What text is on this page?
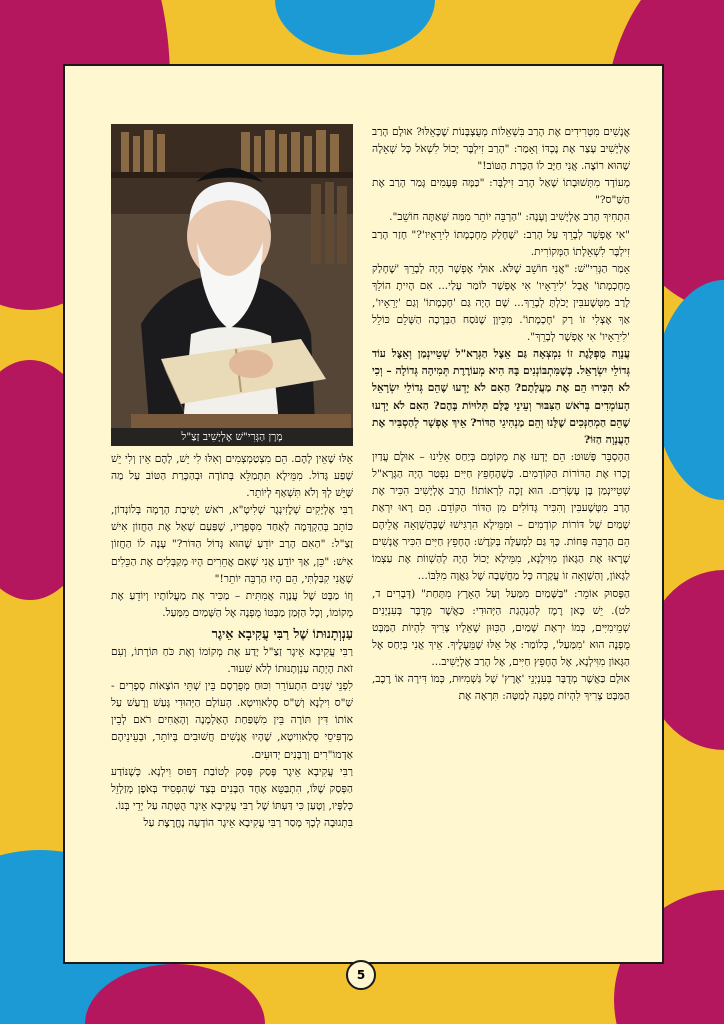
מָרָן הַגְּרִי"שׁ אֶלְיָשִׁיב זַצַ"ל

אֲנָשִׁים מִטְרִידִים אֶת הָרַב בִּשְׁאֵלוֹת מְעֻצְבָּנוֹת שֶׁכָּאֵלּוּ? אוּלָם הָרַב אֶלְיָשִׁיב עָצַר אֶת נֶכְדּוֹ וְאָמַר: "הָרַב זִילְבֶּר יָכוֹל לִשְׁאֹל כָּל שְׁאֵלָה שֶׁהוּא רוֹצֶה. אֲנִי חַיָּב לוֹ הַכָּרַת הַטּוֹב!"

מְעוֹדָד מִתְּשׁוּבָתוֹ שָׁאַל הָרַב זִילְבֶּר: "כַּמָּה פְּעָמִים גָּמַר הָרַב אֶת הַשַּׁ"ס?"

הִתְחִיךְ הָרַב אֶלְיָשִׁיב וְעָנָה: "הַרְבֵּה יוֹתֵר מִמַּה שֶּׁאַתָּה חוֹשֵׁב".

"אִי אֶפְשָׁר לְבָרֵךְ עַל הָרַב: 'שֶׁחָלַק מֵחָכְמָתוֹ לִירֵאָיו'?" חָזַר הָרַב זִילְבֶּר לִשְׁאֵלָתוֹ הַמְּקוֹרִית.

אָמַר הַגְּרִי"שׁ: "אֲנִי חוֹשֵׁב שֶׁלֹּא. אוּלַי אֶפְשָׁר הָיָה לְבָרֵךְ 'שֶׁחָלַק מֵחָכְמָתוֹ' אֲבָל 'לִירֵאָיו' אִי אֶפְשָׁר לוֹמַר עָלַי... אִם הָיִיתָ הוֹלֵךְ לָרַב מִטְּשֶׁעבִּין יָכֹלְתָּ לְבָרֵךְ... שָׁם הָיָה גַּם 'חָכְמָתוֹ' וְגַם 'יְרֵאָיו', אַךְ אֶצְלִי זוֹ רַק 'חָכְמָתוֹ'. מִכֵּיוָן שֶׁנֹּסַח הַבְּרָכָה הַשָּׁלֵם כּוֹלֵל 'לִירֵאָיו' אִי אֶפְשָׁר לְבָרֵךְ".

עֲנָוָה מֻפְלֶגֶת זוֹ נִמְצְאָה גַּם אֵצֶל הַגְּרָא"ל שְׁטֵיינְמַן וְאֵצֶל עוֹד גְּדוֹלֵי יִשְׂרָאֵל. כְּשֶׁמִּתְבּוֹנְנִים בָּהּ הִיא מְעוֹרֶרֶת תְּמִיהָה גְּדוֹלָה – וְכִי לֹא הִכִּירוּ הֵם אֶת מַעֲלָתָם? הַאִם לֹא יָדְעוּ שֶׁהֵם גְּדוֹלֵי יִשְׂרָאֵל הָעוֹמְדִים בְּרֹאשׁ הַצִּבּוּר וְעֵינֵי כֻּלָּם תְּלוּיוֹת בָּהֶם? הַאִם לֹא יָדְעוּ שֶׁהֵם הַמְחַנְּכִים שֶׁלָּנוּ וְהֵם מַנְהִיגֵי הַדּוֹר? אֵיךְ אֶפְשָׁר לְהַסְבִּיר אֶת הָעֲנָוָה הַזּוֹ?

הַהֶסְבֵּר פָּשׁוּט: הֵם יָדְעוּ אֶת מְקוֹמָם בְּיַחַס אֵלֵינוּ – אוּלָם עֲדַיִן זָכְרוּ אֶת הַדּוֹרוֹת הַקּוֹדְמִים. כְּשֶׁהֶחָפֵץ חַיִּים נִפְטַר הָיָה הַגְּרָא"ל שְׁטֵיינְמַן בֶּן עֶשְׂרִים. הוּא זָכָה לִרְאוֹתוֹ! הָרַב אֶלְיָשִׁיב הִכִּיר אֶת הָרַב מִטְּשֶׁעבִּין וְהִכִּיר גְּדוֹלִים מִן הַדּוֹר הַקּוֹדֵם. הֵם רָאוּ יִרְאַת שָׁמַיִם שֶׁל דּוֹרוֹת קוֹדְמִים – וּמִמֵּילָא הִרְגִּישׁוּ שֶׁבְּהַשְׁוָאָה אֲלֵיהֶם הֵם הַרְבֵּה פָּחוֹת. כָּךְ גַּם לִמְעַלָּה בְּקֹדֶשׁ: הֶחָפֵץ חַיִּים הִכִּיר אֲנָשִׁים שֶׁרָאוּ אֶת הַגָּאוֹן מִוִּילְנָא, מִמֵּילָא יָכוֹל הָיָה לְהַשְׁווֹת אֶת עַצְמוֹ לַגָּאוֹן, וְהַשְׁוָאָה זוֹ עֲקָרָה כָּל מַחֲשָׁבָה שֶׁל גַּאֲוָה מִלִּבּוֹ...

הַפָּסוּק אוֹמֵר: "בַּשָּׁמַיִם מִמַּעַל וְעַל הָאָרֶץ מִתָּחַת" (דְּבָרִים ד, לט). יֵשׁ כָּאן רֶמֶז לְהַנְהָגַת הַיְּהוּדִי: כַּאֲשֶׁר מְדֻבָּר בְּעִנְיָנִים שְׁמֵימִיִּים, כְּמוֹ יִרְאַת שָׁמַיִם, הַכִּוּוּן שֶׁאֵלָיו צָרִיךְ לִהְיוֹת הַמַּבָּט מֻפְנֶה הוּא 'מִמַּעַל', כְּלוֹמַר: אֶל אֵלּוּ שֶׁמֵּעָלֶיךָ. אֵיךְ אֲנִי בְּיַחַס אֶל הַגָּאוֹן מִוִּילְנָא, אֶל הֶחָפֵץ חַיִּים, אֶל הָרַב אֶלְיָשִׁיב...

אוּלָם כַּאֲשֶׁר מְדֻבָּר בְּעִנְיְנֵי 'אֶרֶץ' שֶׁל גַּשְׁמִיּוּת, כְּמוֹ דִּירָה אוֹ רֶכֶב, הַמַּבָּט צָרִיךְ לִהְיוֹת מֻפְנֶה לְמַטָּה: תִּרְאֶה אֶת

אֵלּוּ שֶׁאֵין לָהֶם. הֵם מִצְטַמְצְמִים וְאִלּוּ לִי יֵשׁ, לָהֶם אֵין וְלִי יֵשׁ שֶׁפַע גָּדוֹל. מִמֵּילָא תִּתְמַלֵּא בְּתוֹדָה וּבְהַכָּרַת הַטּוֹב עַל מַה שֶּׁיֵּשׁ לְךָ וְלֹא תִּשְׁאַף לְיוֹתֵר.

רַבִּי אֶלְיָקִים שְׁלֶזִינְגֶר שְׁלִיטָ"א, רֹאשׁ יְשִׁיבַת הָרָמָה בְּלוֹנְדוֹן, כּוֹתֵב בְּהַקְדָּמָה לְאַחַד מִסְּפָרָיו, שֶׁפַּעַם שָׁאַל אֶת הַחֲזוֹן אִישׁ זַצַ"ל: "הַאִם הָרַב יוֹדֵעַ שֶׁהוּא גְּדוֹל הַדּוֹר?" עָנָה לוֹ הַחֲזוֹן אִישׁ: "כֵּן, אַךְ יוֹדֵעַ אֲנִי שֶׁאִם אֲחֵרִים הָיוּ מְקַבְּלִים אֶת הַכֵּלִים שֶׁאֲנִי קִבַּלְתִּי, הֵם הָיוּ הַרְבֵּה יוֹתֵר!"

וְזוֹ מַבָּט שֶׁל עֲנָוָה אֲמִתִּית – מַכִּיר אֶת מַעֲלוֹתָיו וְיוֹדֵעַ אֶת מְקוֹמוֹ, וְכָל הַזְּמַן מַבָּטוֹ מֻפְנֶה אֶל הַשָּׁמַיִם מִמַּעַל.

עַנְוְתָנוּתוֹ שֶׁל רַבִּי עֲקִיבָא אֵיגֶר

רַבִּי עֲקִיבָא אֵיגֶר זַצַ"ל יָדַע אֶת מְקוֹמוֹ וְאֶת כֹּחַ תּוֹרָתוֹ, וְעִם זֹאת הָיְתָה עַנְוְתָנוּתוֹ לְלֹא שִׁעוּר.

לִפְנֵי שָׁנִים הִתְעוֹרֵר וִכּוּחַ מְפֻרְסָם בֵּין שְׁתֵּי הוֹצָאוֹת סְפָרִים - שַׁ"ס וִילְנָא וְשַׁ"ס סְלַאוִויטָא. הָעוֹלָם הַיְּהוּדִי גָּעַשׁ וְרָעַשׁ עַל אוֹתוֹ דִּין תּוֹרָה בֵּין מִשְׁפַּחַת הָאַלְמָנָה וְהָאַחִים רֹאם לְבֵין מַדְפִּיסֵי סְלַאוִויטָא, שֶׁהָיוּ אֲנָשִׁים חֲשׁוּבִים בְּיוֹתֵר, וּבְעֵינֵיהֶם אַדְמוֹ"רִים וְרַבָּנִים יְדוּעִים.

רַבִּי עֲקִיבָא אֵיגֶר פָּסַק פְּסַק לְטוֹבַת דְּפוּס וִילְנָא. כְּשֶׁנּוֹדַע הַפְּסַק שֶׁלּוֹ, הִתְבַּטֵּא אֶחָד הַבָּנִים בְּצַד שֶׁהִפְסִיד בְּאֹפֶן מְזַלְזֵל כְּלַפָּיו, וְטָעַן כִּי דַּעְתּוֹ שֶׁל רַבִּי עֲקִיבָא אֵיגֶר הֻטְּתָה עַל יְדֵי בְּנוֹ.

בִּתְגוּבָה לְכָךְ מָסַר רַבִּי עֲקִיבָא אֵיגֶר הוֹדָעָה נֶחֱרֶצֶת עַל

5
